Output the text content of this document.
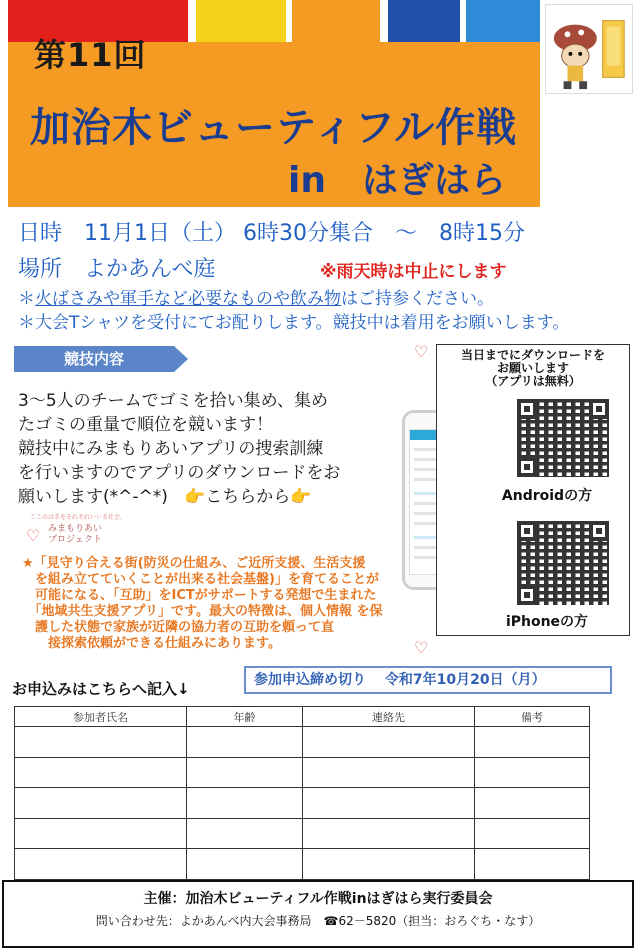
第11回
加治木ビューティフル作戦
in　はぎはら
日時　11月1日（土） 6時30分集合　～　8時15分
場所　よかあんべ庭	※雨天時は中止にします
＊火ばさみや軍手など必要なものや飲み物はご持参ください。
＊大会Tシャツを受付にてお配りします。競技中は着用をお願いします。
競技内容
3～5人のチームでゴミを拾い集め、集め
たゴミの重量で順位を競います！
競技中にみまもりあいアプリの捜索訓練
を行いますのでアプリのダウンロードをお
願いします(*^-^*)   👉こちらから👉
ここのは手をそれぞれいいる社会。
♡ みまもりあい
プロジェクト
★「見守り合える街(防災の仕組み、ご近所支援、生活支援
　を組み立てていくことが出来る社会基盤)」を育てることが
　可能になる、「互助」をICTがサポートする発想で生まれた
　「地域共生支援アプリ」です。最大の特徴は、個人情報 を保
　護した状態で家族が近隣の協力者の互助を頼って直
　　接探索依頼ができる仕組みにあります。
♡	当日までにダウンロードを
お願いします
（アプリは無料）
Androidの方
iPhoneの方
♡
お申込みはこちらへ記入↓	参加申込締め切り　 令和7年10月20日（月）
参加者氏名	年齢	連絡先	備考

主催：加治木ビューティフル作戦inはぎはら実行委員会
問い合わせ先：よかあんべ内大会事務局　☎62－5820（担当：おろぐち・なす）
